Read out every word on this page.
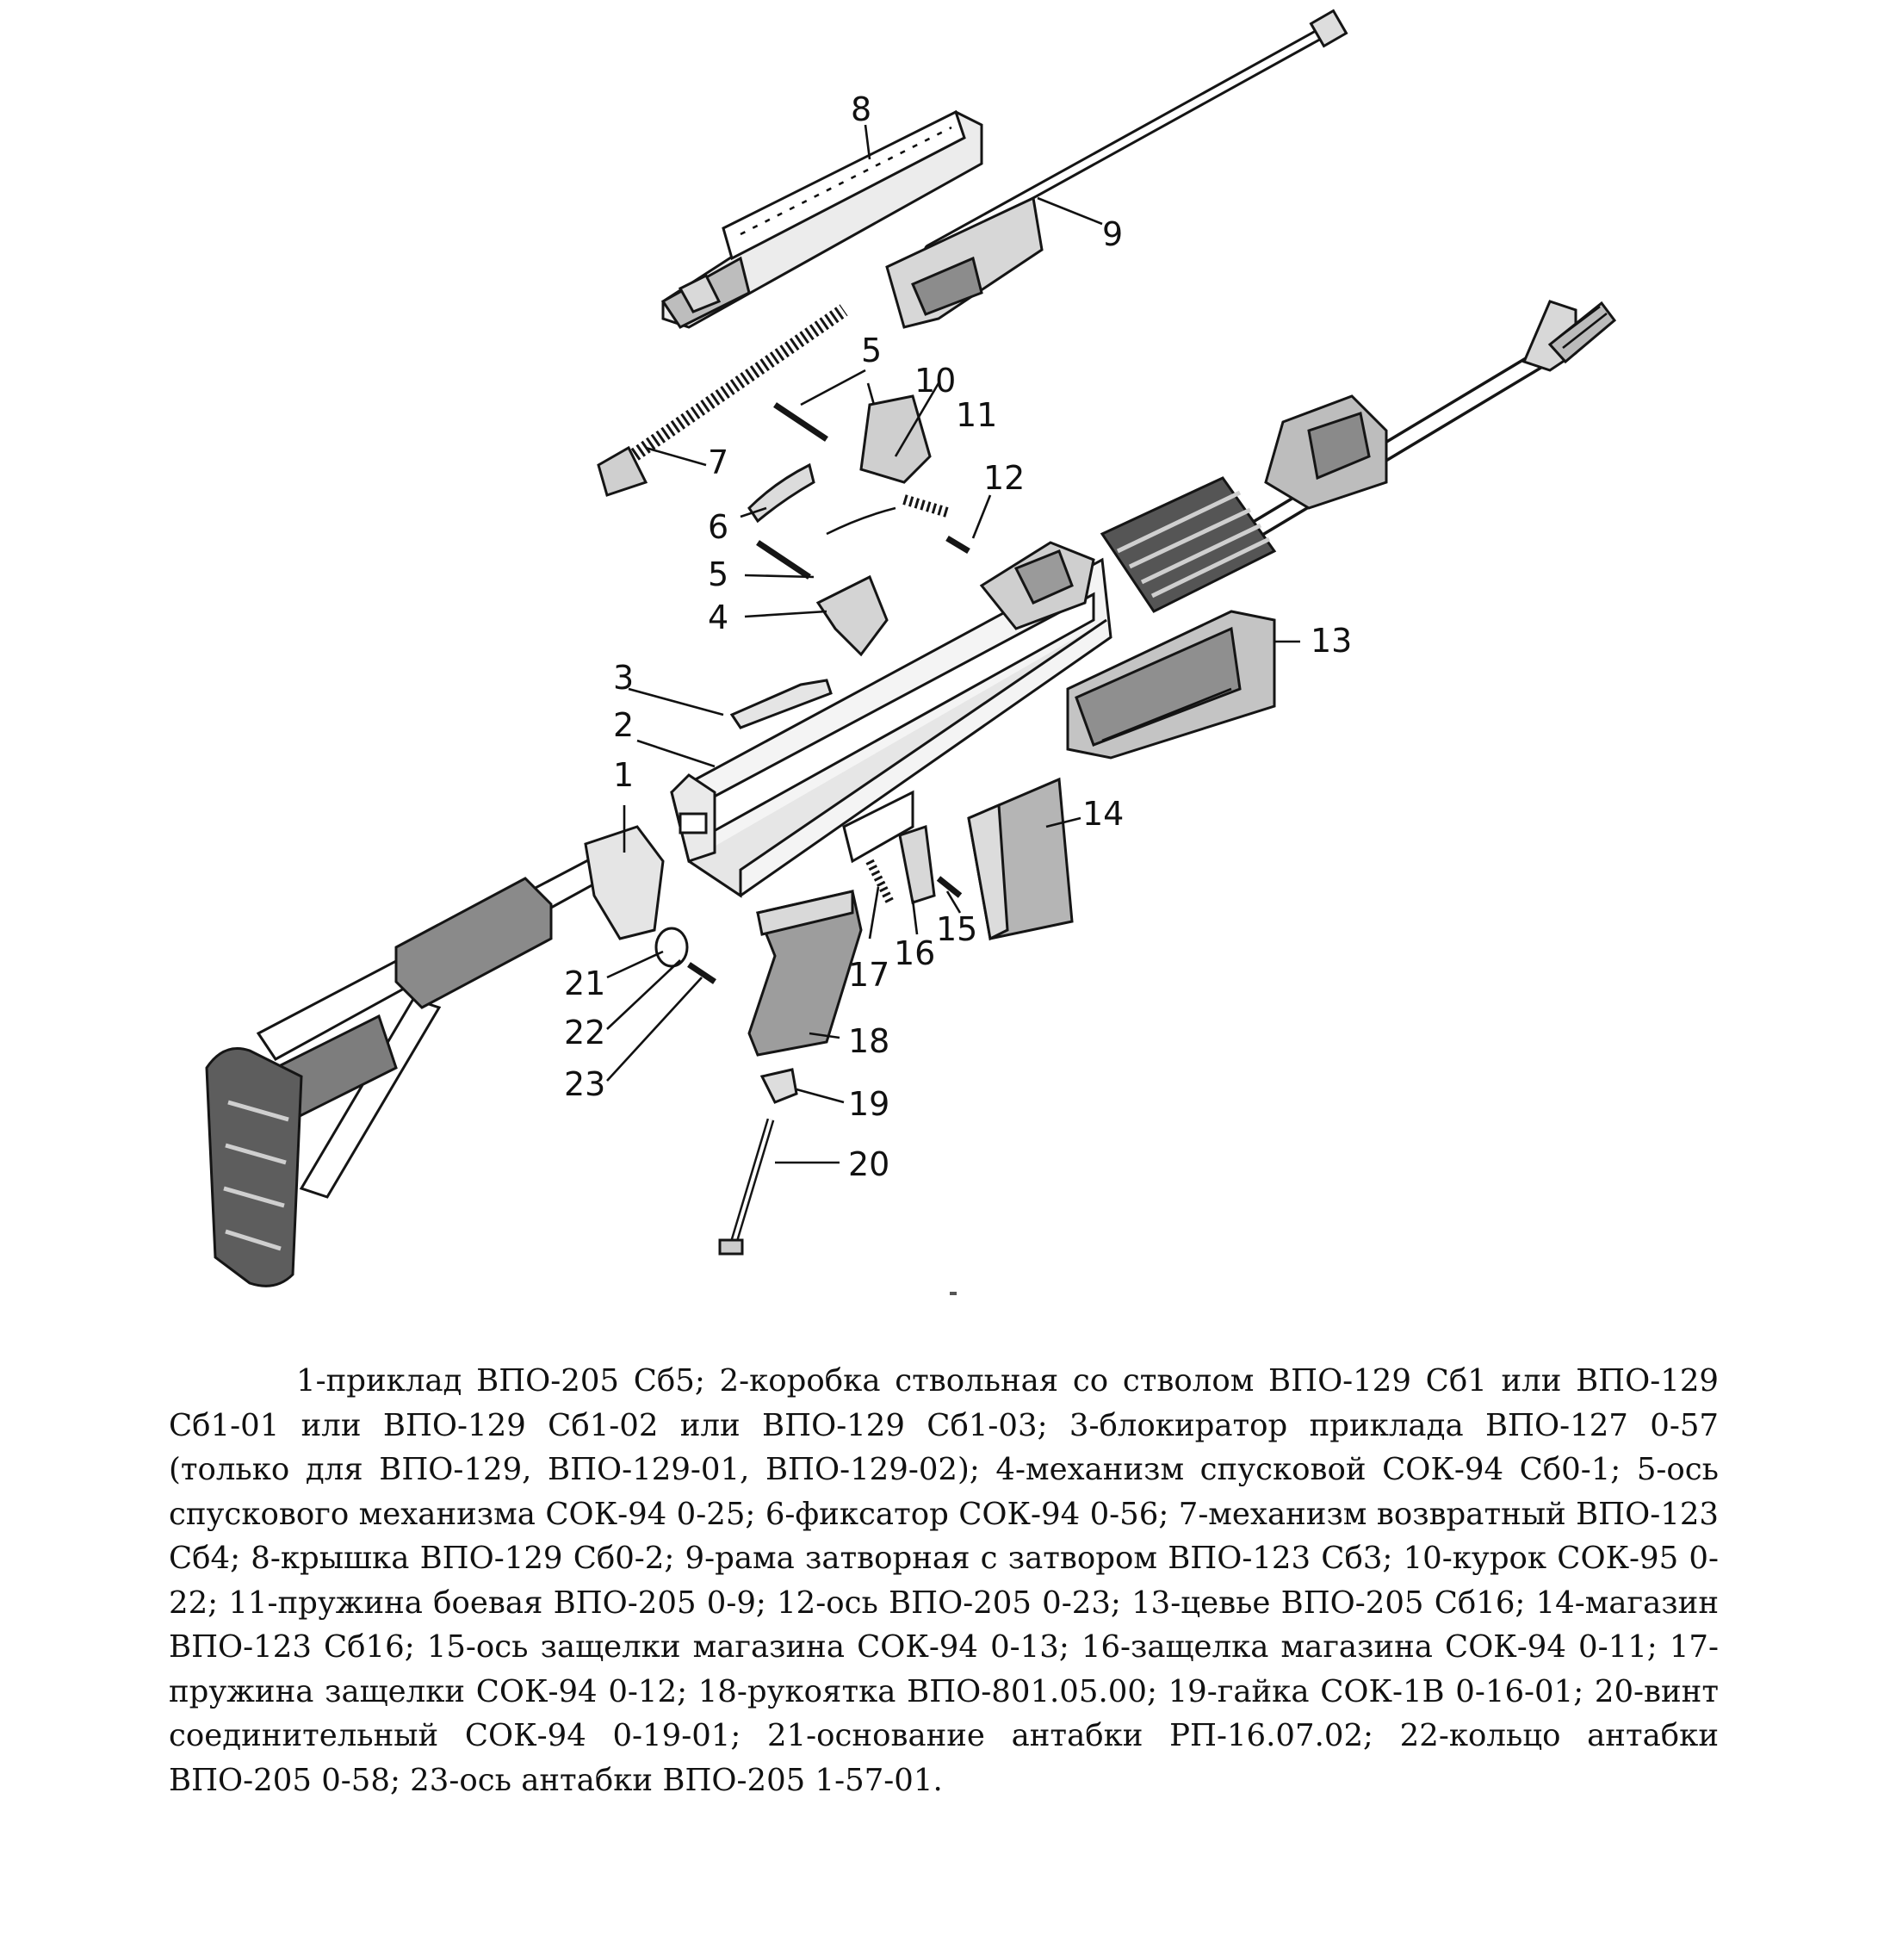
1
2
3
4
5
5
6
7
8
9
10
11
12
13
14
15
16
17
18
19
20
21
22
23
1-приклад ВПО-205 Сб5; 2-коробка ствольная со стволом ВПО-129 Сб1 или ВПО-129 Сб1-01 или ВПО-129 Сб1-02 или ВПО-129 Сб1-03; 3-блокиратор приклада ВПО-127 0-57 (только для ВПО-129, ВПО-129-01, ВПО-129-02); 4-механизм спусковой СОК-94 Сб0-1; 5-ось спускового механизма СОК-94 0-25; 6-фиксатор СОК-94 0-56; 7-механизм возвратный ВПО-123 Сб4; 8-крышка ВПО-129 Сб0-2; 9-рама затворная с затвором ВПО-123 Сб3; 10-курок СОК-95 0-22; 11-пружина боевая ВПО-205 0-9; 12-ось ВПО-205 0-23; 13-цевье ВПО-205 Сб16; 14-магазин ВПО-123 Сб16; 15-ось защелки магазина СОК-94 0-13; 16-защелка магазина СОК-94 0-11; 17-пружина защелки СОК-94 0-12; 18-рукоятка ВПО-801.05.00; 19-гайка СОК-1В 0-16-01; 20-винт соединительный СОК-94 0-19-01; 21-основание антабки РП-16.07.02; 22-кольцо антабки ВПО-205 0-58; 23-ось антабки ВПО-205 1-57-01.
